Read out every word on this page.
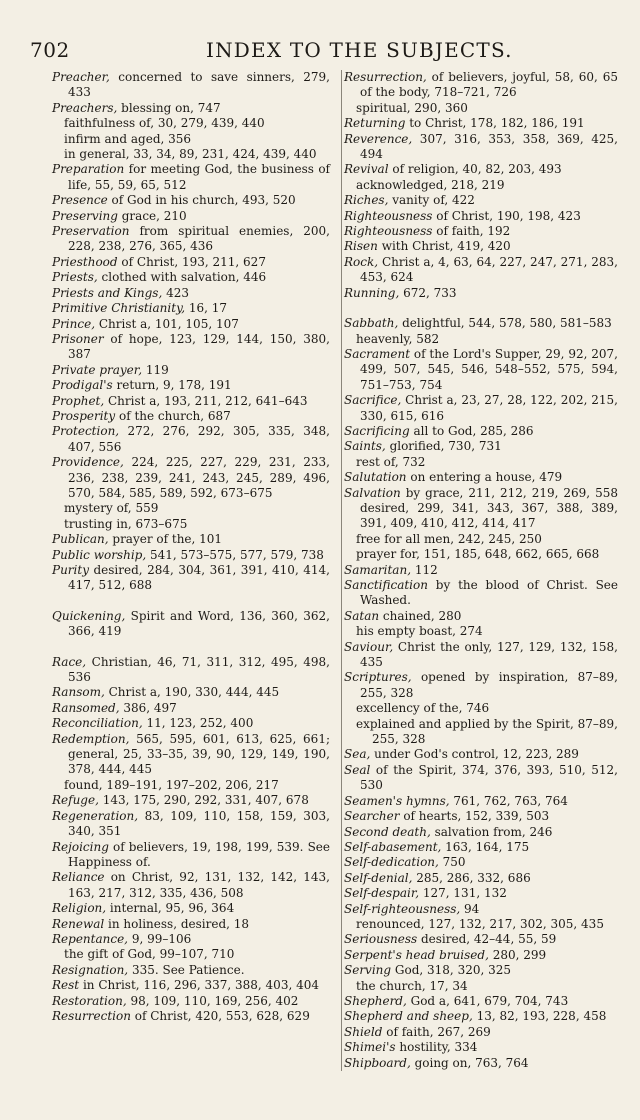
702	INDEX TO THE SUBJECTS.

Preacher, concerned to save sinners, 279, 433

Preachers, blessing on, 747

faithfulness of, 30, 279, 439, 440

infirm and aged, 356

in general, 33, 34, 89, 231, 424, 439, 440

Preparation for meeting God, the business of life, 55, 59, 65, 512

Presence of God in his church, 493, 520

Preserving grace, 210

Preservation from spiritual enemies, 200, 228, 238, 276, 365, 436

Priesthood of Christ, 193, 211, 627

Priests, clothed with salvation, 446

Priests and Kings, 423

Primitive Christianity, 16, 17

Prince, Christ a, 101, 105, 107

Prisoner of hope, 123, 129, 144, 150, 380, 387

Private prayer, 119

Prodigal's return, 9, 178, 191

Prophet, Christ a, 193, 211, 212, 641–643

Prosperity of the church, 687

Protection, 272, 276, 292, 305, 335, 348, 407, 556

Providence, 224, 225, 227, 229, 231, 233, 236, 238, 239, 241, 243, 245, 289, 496, 570, 584, 585, 589, 592, 673–675

mystery of, 559

trusting in, 673–675

Publican, prayer of the, 101

Public worship, 541, 573–575, 577, 579, 738

Purity desired, 284, 304, 361, 391, 410, 414, 417, 512, 688

Quickening, Spirit and Word, 136, 360, 362, 366, 419

Race, Christian, 46, 71, 311, 312, 495, 498, 536

Ransom, Christ a, 190, 330, 444, 445

Ransomed, 386, 497

Reconciliation, 11, 123, 252, 400

Redemption, 565, 595, 601, 613, 625, 661; general, 25, 33–35, 39, 90, 129, 149, 190, 378, 444, 445

found, 189–191, 197–202, 206, 217

Refuge, 143, 175, 290, 292, 331, 407, 678

Regeneration, 83, 109, 110, 158, 159, 303, 340, 351

Rejoicing of believers, 19, 198, 199, 539. See Happiness of.

Reliance on Christ, 92, 131, 132, 142, 143, 163, 217, 312, 335, 436, 508

Religion, internal, 95, 96, 364

Renewal in holiness, desired, 18

Repentance, 9, 99–106

the gift of God, 99–107, 710

Resignation, 335. See Patience.

Rest in Christ, 116, 296, 337, 388, 403, 404

Restoration, 98, 109, 110, 169, 256, 402

Resurrection of Christ, 420, 553, 628, 629

Resurrection, of believers, joyful, 58, 60, 65 of the body, 718–721, 726

spiritual, 290, 360

Returning to Christ, 178, 182, 186, 191

Reverence, 307, 316, 353, 358, 369, 425, 494

Revival of religion, 40, 82, 203, 493

acknowledged, 218, 219

Riches, vanity of, 422

Righteousness of Christ, 190, 198, 423

Righteousness of faith, 192

Risen with Christ, 419, 420

Rock, Christ a, 4, 63, 64, 227, 247, 271, 283, 453, 624

Running, 672, 733

Sabbath, delightful, 544, 578, 580, 581–583

heavenly, 582

Sacrament of the Lord's Supper, 29, 92, 207, 499, 507, 545, 546, 548–552, 575, 594, 751–753, 754

Sacrifice, Christ a, 23, 27, 28, 122, 202, 215, 330, 615, 616

Sacrificing all to God, 285, 286

Saints, glorified, 730, 731

rest of, 732

Salutation on entering a house, 479

Salvation by grace, 211, 212, 219, 269, 558 desired, 299, 341, 343, 367, 388, 389, 391, 409, 410, 412, 414, 417

free for all men, 242, 245, 250

prayer for, 151, 185, 648, 662, 665, 668

Samaritan, 112

Sanctification by the blood of Christ. See Washed.

Satan chained, 280

his empty boast, 274

Saviour, Christ the only, 127, 129, 132, 158, 435

Scriptures, opened by inspiration, 87–89, 255, 328

excellency of the, 746

explained and applied by the Spirit, 87–89, 255, 328

Sea, under God's control, 12, 223, 289

Seal of the Spirit, 374, 376, 393, 510, 512, 530

Seamen's hymns, 761, 762, 763, 764

Searcher of hearts, 152, 339, 503

Second death, salvation from, 246

Self-abasement, 163, 164, 175

Self-dedication, 750

Self-denial, 285, 286, 332, 686

Self-despair, 127, 131, 132

Self-righteousness, 94

renounced, 127, 132, 217, 302, 305, 435

Seriousness desired, 42–44, 55, 59

Serpent's head bruised, 280, 299

Serving God, 318, 320, 325

the church, 17, 34

Shepherd, God a, 641, 679, 704, 743

Shepherd and sheep, 13, 82, 193, 228, 458

Shield of faith, 267, 269

Shimei's hostility, 334

Shipboard, going on, 763, 764
